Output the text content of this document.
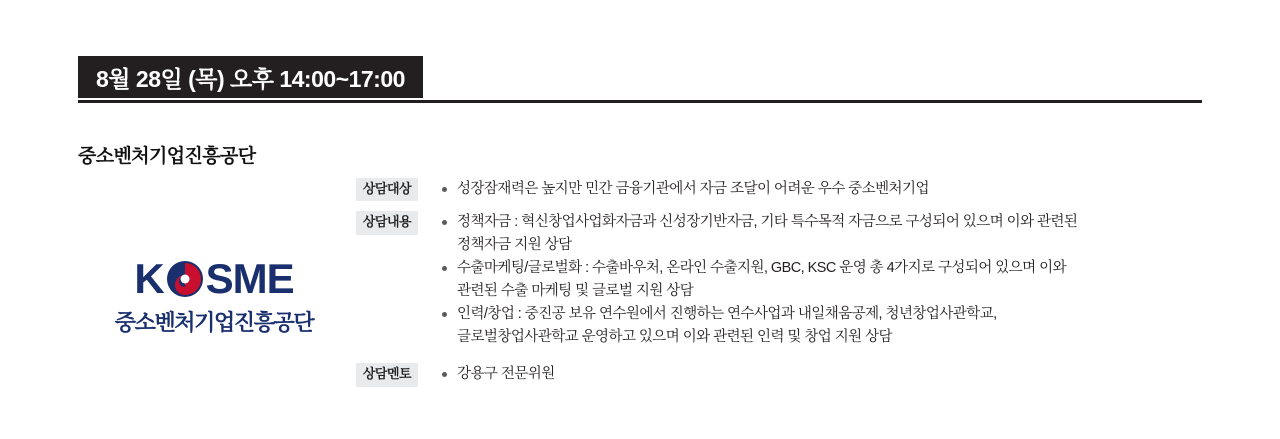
8월 28일 (목) 오후 14:00~17:00
중소벤처기업진흥공단
K SME
중소벤처기업진흥공단
상담대상	성장잠재력은 높지만 민간 금융기관에서 자금 조달이 어려운 우수 중소벤처기업
상담내용	정책자금 : 혁신창업사업화자금과 신성장기반자금, 기타 특수목적 자금으로 구성되어 있으며 이와 관련된
정책자금 지원 상담
수출마케팅/글로벌화 : 수출바우처, 온라인 수출지원, GBC, KSC 운영 총 4가지로 구성되어 있으며 이와
관련된 수출 마케팅 및 글로벌 지원 상담
인력/창업 : 중진공 보유 연수원에서 진행하는 연수사업과 내일채움공제, 청년창업사관학교,
글로벌창업사관학교 운영하고 있으며 이와 관련된 인력 및 창업 지원 상담
상담멘토	강용구 전문위원
